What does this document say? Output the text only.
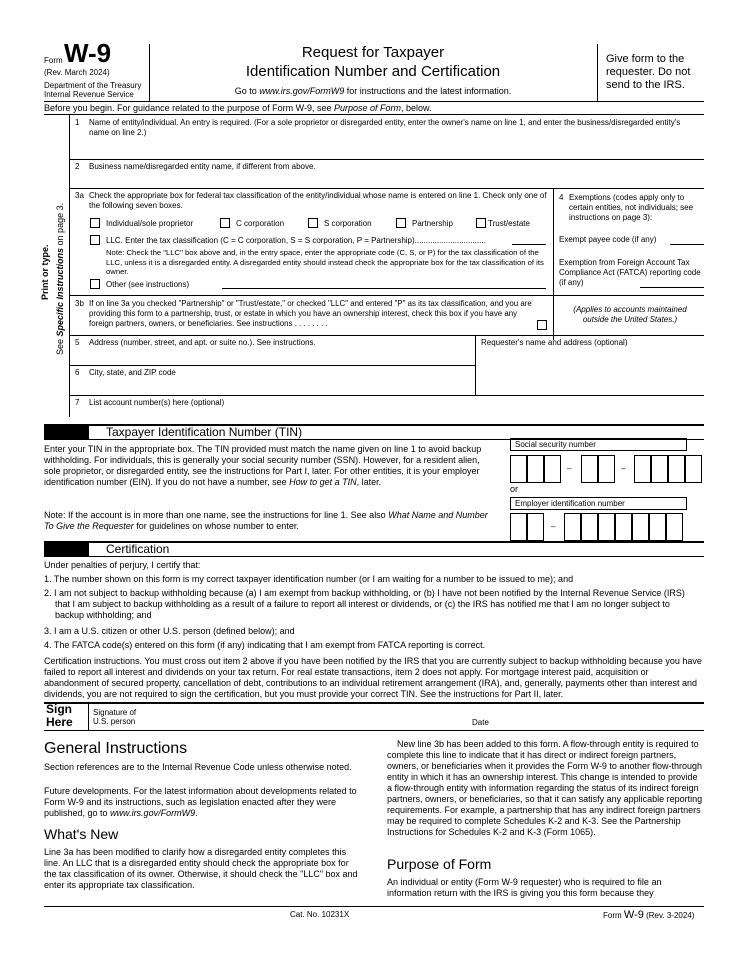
Form W-9
(Rev. March 2024)
Department of the Treasury
Internal Revenue Service
Request for Taxpayer
Identification Number and Certification
Go to www.irs.gov/FormW9 for instructions and the latest information.
Give form to the requester. Do not send to the IRS.
Before you begin. For guidance related to the purpose of Form W-9, see Purpose of Form, below.
Print or type.
See Specific Instructions on page 3.
1 Name of entity/individual. An entry is required. (For a sole proprietor or disregarded entity, enter the owner's name on line 1, and enter the business/disregarded entity's name on line 2.)
2 Business name/disregarded entity name, if different from above.
3a Check the appropriate box for federal tax classification of the entity/individual whose name is entered on line 1. Check only one of the following seven boxes.
Individual/sole proprietor	C corporation	S corporation	Partnership	Trust/estate
LLC. Enter the tax classification (C = C corporation, S = S corporation, P = Partnership)................................
Note: Check the "LLC" box above and, in the entry space, enter the appropriate code (C, S, or P) for the tax classification of the LLC, unless it is a disregarded entity. A disregarded entity should instead check the appropriate box for the tax classification of its owner.
Other (see instructions)
4 Exemptions (codes apply only to certain entities, not individuals; see instructions on page 3):
Exempt payee code (if any)
Exemption from Foreign Account Tax Compliance Act (FATCA) reporting code (if any)
3b If on line 3a you checked "Partnership" or "Trust/estate," or checked "LLC" and entered "P" as its tax classification, and you are providing this form to a partnership, trust, or estate in which you have an ownership interest, check this box if you have any foreign partners, owners, or beneficiaries. See instructions . . . . . . . .
(Applies to accounts maintained outside the United States.)
5 Address (number, street, and apt. or suite no.). See instructions.	Requester's name and address (optional)
6 City, state, and ZIP code
7 List account number(s) here (optional)
Taxpayer Identification Number (TIN)
Enter your TIN in the appropriate box. The TIN provided must match the name given on line 1 to avoid backup withholding. For individuals, this is generally your social security number (SSN). However, for a resident alien, sole proprietor, or disregarded entity, see the instructions for Part I, later. For other entities, it is your employer identification number (EIN). If you do not have a number, see How to get a TIN, later.
Note: If the account is in more than one name, see the instructions for line 1. See also What Name and Number To Give the Requester for guidelines on whose number to enter.
Social security number
–	–
or
Employer identification number
–
Certification
Under penalties of perjury, I certify that:
1. The number shown on this form is my correct taxpayer identification number (or I am waiting for a number to be issued to me); and
2. I am not subject to backup withholding because (a) I am exempt from backup withholding, or (b) I have not been notified by the Internal Revenue Service (IRS) that I am subject to backup withholding as a result of a failure to report all interest or dividends, or (c) the IRS has notified me that I am no longer subject to backup withholding; and
3. I am a U.S. citizen or other U.S. person (defined below); and
4. The FATCA code(s) entered on this form (if any) indicating that I am exempt from FATCA reporting is correct.
Certification instructions. You must cross out item 2 above if you have been notified by the IRS that you are currently subject to backup withholding because you have failed to report all interest and dividends on your tax return. For real estate transactions, item 2 does not apply. For mortgage interest paid, acquisition or abandonment of secured property, cancellation of debt, contributions to an individual retirement arrangement (IRA), and, generally, payments other than interest and dividends, you are not required to sign the certification, but you must provide your correct TIN. See the instructions for Part II, later.
Sign
Here
Signature of
U.S. person	Date
General Instructions
Section references are to the Internal Revenue Code unless otherwise noted.
Future developments. For the latest information about developments related to Form W-9 and its instructions, such as legislation enacted after they were published, go to www.irs.gov/FormW9.
What's New
Line 3a has been modified to clarify how a disregarded entity completes this line. An LLC that is a disregarded entity should check the appropriate box for the tax classification of its owner. Otherwise, it should check the "LLC" box and enter its appropriate tax classification.
New line 3b has been added to this form. A flow-through entity is required to complete this line to indicate that it has direct or indirect foreign partners, owners, or beneficiaries when it provides the Form W-9 to another flow-through entity in which it has an ownership interest. This change is intended to provide a flow-through entity with information regarding the status of its indirect foreign partners, owners, or beneficiaries, so that it can satisfy any applicable reporting requirements. For example, a partnership that has any indirect foreign partners may be required to complete Schedules K-2 and K-3. See the Partnership Instructions for Schedules K-2 and K-3 (Form 1065).
Purpose of Form
An individual or entity (Form W-9 requester) who is required to file an information return with the IRS is giving you this form because they
Cat. No. 10231X	Form W-9 (Rev. 3-2024)
